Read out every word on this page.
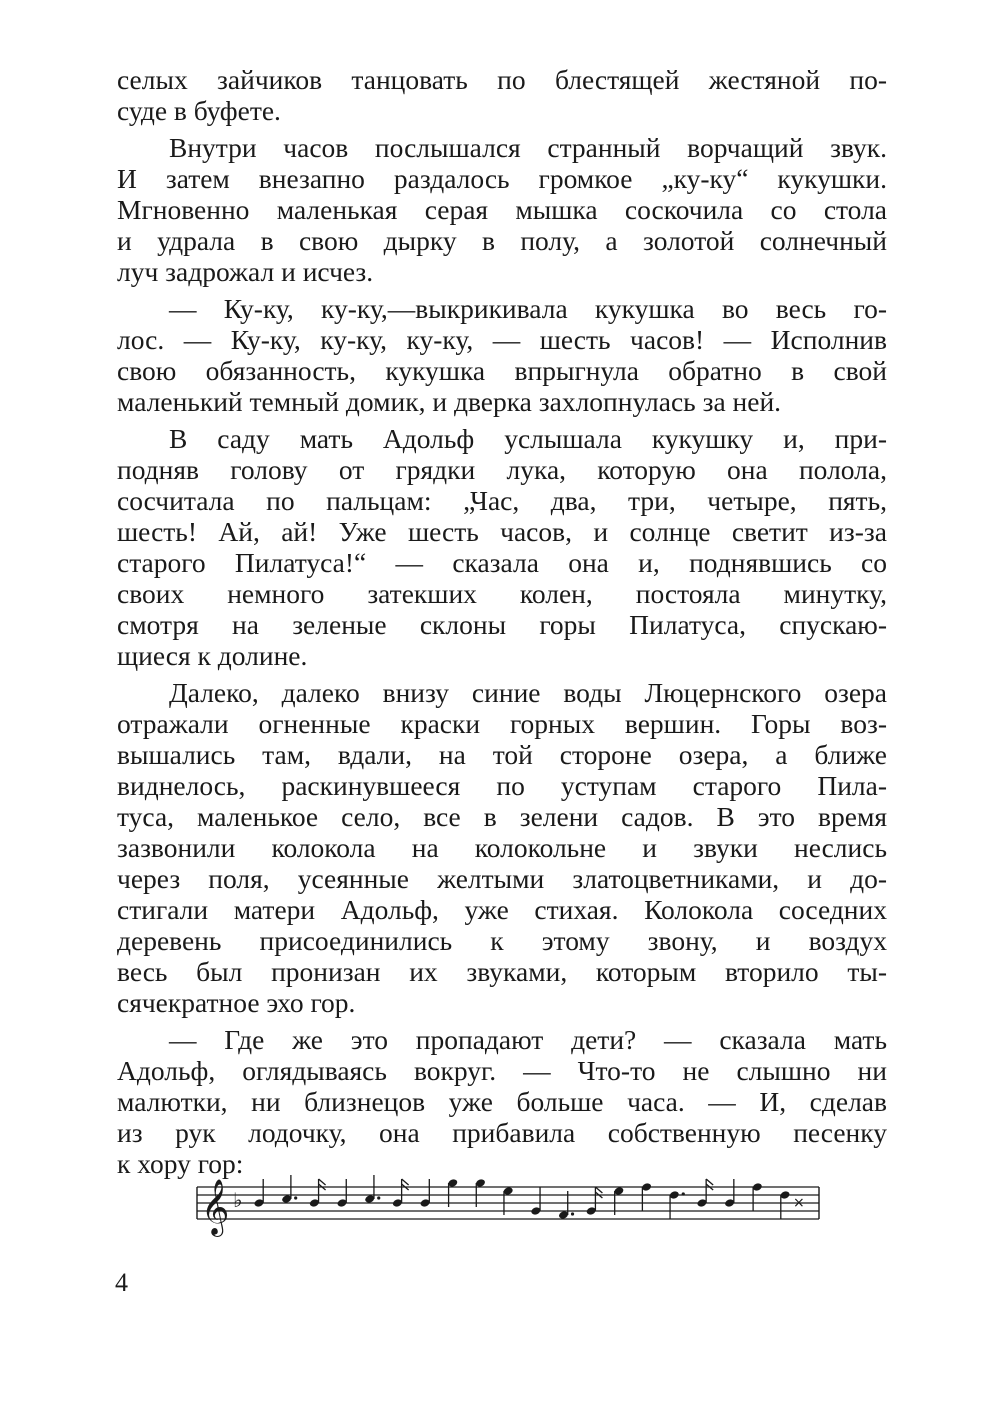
селых зайчиков танцовать по блестящей жестяной по-
суде в буфете.
Внутри часов послышался странный ворчащий звук.
И затем внезапно раздалось громкое „ку-ку“ кукушки.
Мгновенно маленькая серая мышка соскочила со стола
и удрала в свою дырку в полу, а золотой солнечный
луч задрожал и исчез.
— Ку-ку, ку-ку,—выкрикивала кукушка во весь го-
лос. — Ку-ку, ку-ку, ку-ку, — шесть часов! — Исполнив
свою обязанность, кукушка впрыгнула обратно в свой
маленький темный домик, и дверка захлопнулась за ней.
В саду мать Адольф услышала кукушку и, при-
подняв голову от грядки лука, которую она полола,
сосчитала по пальцам: „Час, два, три, четыре, пять,
шесть! Ай, ай! Уже шесть часов, и солнце светит из-за
старого Пилатуса!“ — сказала она и, поднявшись со
своих немного затекших колен, постояла минутку,
смотря на зеленые склоны горы Пилатуса, спускаю-
щиеся к долине.
Далеко, далеко внизу синие воды Люцернского озера
отражали огненные краски горных вершин. Горы воз-
вышались там, вдали, на той стороне озера, а ближе
виднелось, раскинувшееся по уступам старого Пила-
туса, маленькое село, все в зелени садов. В это время
зазвонили колокола на колокольне и звуки неслись
через поля, усеянные желтыми златоцветниками, и до-
стигали матери Адольф, уже стихая. Колокола соседних
деревень присоединились к этому звону, и воздух
весь был пронизан их звуками, которым вторило ты-
сячекратное эхо гор.
— Где же это пропадают дети? — сказала мать
Адольф, оглядываясь вокруг. — Что-то не слышно ни
малютки, ни близнецов уже больше часа. — И, сделав
из рук лодочку, она прибавила собственную песенку
к хору гор:
𝄞 ♭	×
4
